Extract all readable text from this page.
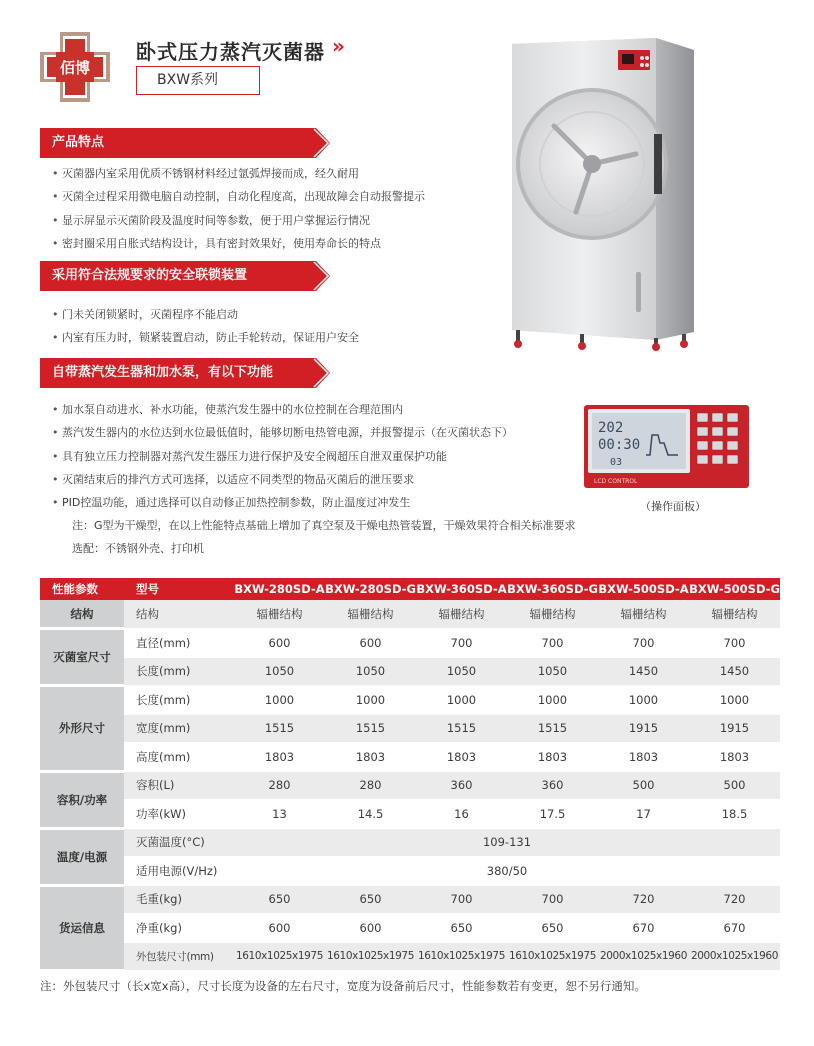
佰博
卧式压力蒸汽灭菌器 »
BXW系列
产品特点
• 灭菌器内室采用优质不锈钢材料经过氩弧焊接而成，经久耐用
• 灭菌全过程采用微电脑自动控制，自动化程度高，出现故障会自动报警提示
• 显示屏显示灭菌阶段及温度时间等参数，便于用户掌握运行情况
• 密封圈采用自胀式结构设计，具有密封效果好，使用寿命长的特点
采用符合法规要求的安全联锁装置
• 门未关闭锁紧时，灭菌程序不能启动
• 内室有压力时，锁紧装置启动，防止手轮转动，保证用户安全
自带蒸汽发生器和加水泵，有以下功能
• 加水泵自动进水、补水功能，使蒸汽发生器中的水位控制在合理范围内
• 蒸汽发生器内的水位达到水位最低值时，能够切断电热管电源，并报警提示（在灭菌状态下）
• 具有独立压力控制器对蒸汽发生器压力进行保护及安全阀超压自泄双重保护功能
• 灭菌结束后的排汽方式可选择，以适应不同类型的物品灭菌后的泄压要求
• PID控温功能，通过选择可以自动修正加热控制参数，防止温度过冲发生
注：G型为干燥型，在以上性能特点基础上增加了真空泵及干燥电热管装置，干燥效果符合相关标准要求
选配：不锈钢外壳、打印机
202
00:30
03
LCD CONTROL
（操作面板）
性能参数	型号	BXW-280SD-A	BXW-280SD-G	BXW-360SD-A	BXW-360SD-G	BXW-500SD-A	BXW-500SD-G
结构	结构	辐栅结构	辐栅结构	辐栅结构	辐栅结构	辐栅结构	辐栅结构
灭菌室尺寸	直径(mm)	600	600	700	700	700	700
	长度(mm)	1050	1050	1050	1050	1450	1450
外形尺寸	长度(mm)	1000	1000	1000	1000	1000	1000
	宽度(mm)	1515	1515	1515	1515	1915	1915
	高度(mm)	1803	1803	1803	1803	1803	1803
容积/功率	容积(L)	280	280	360	360	500	500
	功率(kW)	13	14.5	16	17.5	17	18.5
温度/电源	灭菌温度(°C)	109-131					
	适用电源(V/Hz)	380/50					
货运信息	毛重(kg)	650	650	700	700	720	720
	净重(kg)	600	600	650	650	670	670
	外包装尺寸(mm)	1610x1025x1975	1610x1025x1975	1610x1025x1975	1610x1025x1975	2000x1025x1960	2000x1025x1960
注：外包装尺寸（长x宽x高），尺寸长度为设备的左右尺寸，宽度为设备前后尺寸，性能参数若有变更，恕不另行通知。
